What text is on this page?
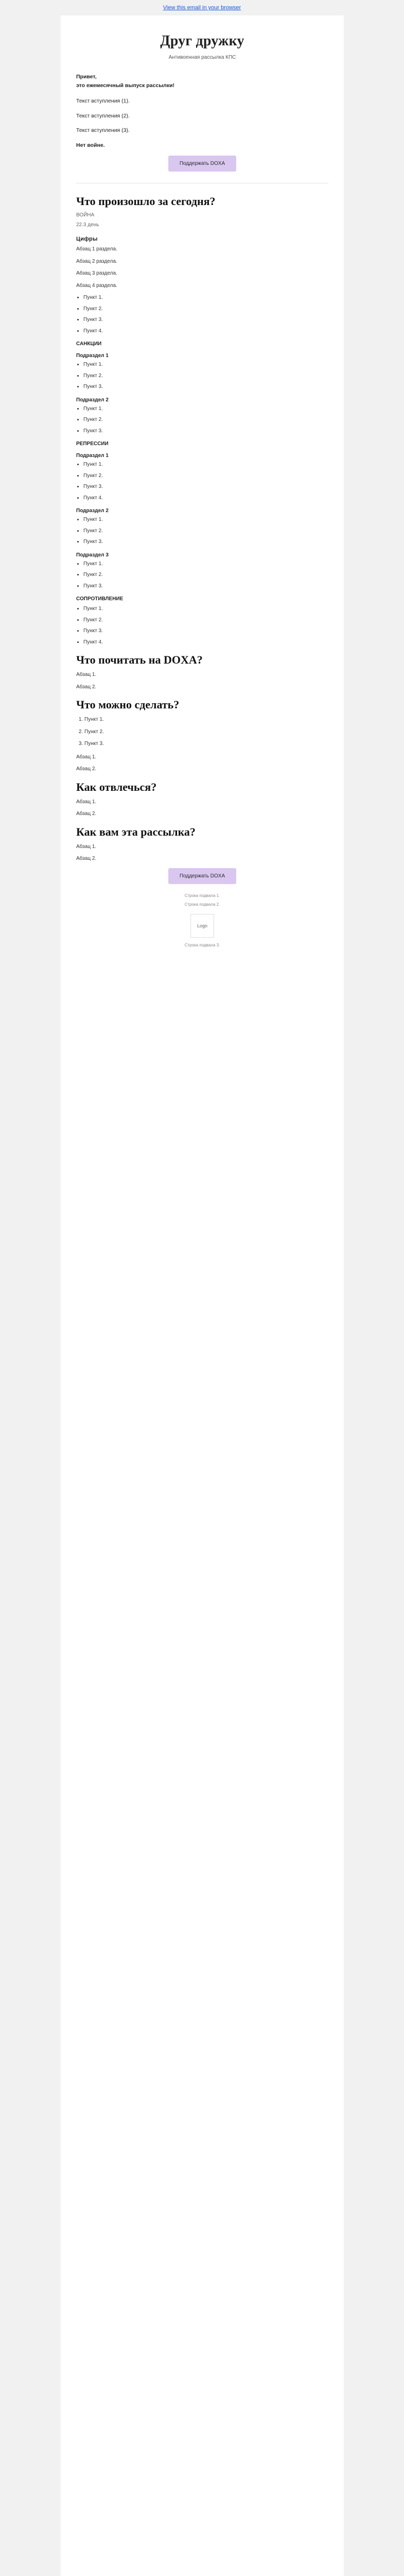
View this email in your browser
Друг дружку

Антивоенная рассылка КПС

Привет,
это ежемесячный выпуск рассылки!
Текст вступления (1).
Текст вступления (2).
Текст вступления (3).
Нет войне.
Поддержать DOXA
Что произошло за сегодня?
ВОЙНА
22.3 день
Цифры
Абзац 1 раздела.
Абзац 2 раздела.
Абзац 3 раздела.
Абзац 4 раздела.
• Пункт 1.
• Пункт 2.
• Пункт 3.
• Пункт 4.
САНКЦИИ
Подраздел 1
• Пункт 1.
• Пункт 2.
• Пункт 3.
Подраздел 2
• Пункт 1.
• Пункт 2.
• Пункт 3.
РЕПРЕССИИ
Подраздел 1
• Пункт 1.
• Пункт 2.
• Пункт 3.
• Пункт 4.
Подраздел 2
• Пункт 1.
• Пункт 2.
• Пункт 3.
Подраздел 3
• Пункт 1.
• Пункт 2.
• Пункт 3.
СОПРОТИВЛЕНИЕ
• Пункт 1.
• Пункт 2.
• Пункт 3.
• Пункт 4.
Что почитать на DOXA?
Абзац 1.
Абзац 2.
Что можно сделать?
1. Пункт 1.
2. Пункт 2.
3. Пункт 3.
Абзац 1.
Абзац 2.
Как отвлечься?
Абзац 1.
Абзац 2.
Как вам эта рассылка?
Абзац 1.
Абзац 2.
Поддержать DOXA
Строка подвала 1.
Строка подвала 2.
Logo
Строка подвала 3.
